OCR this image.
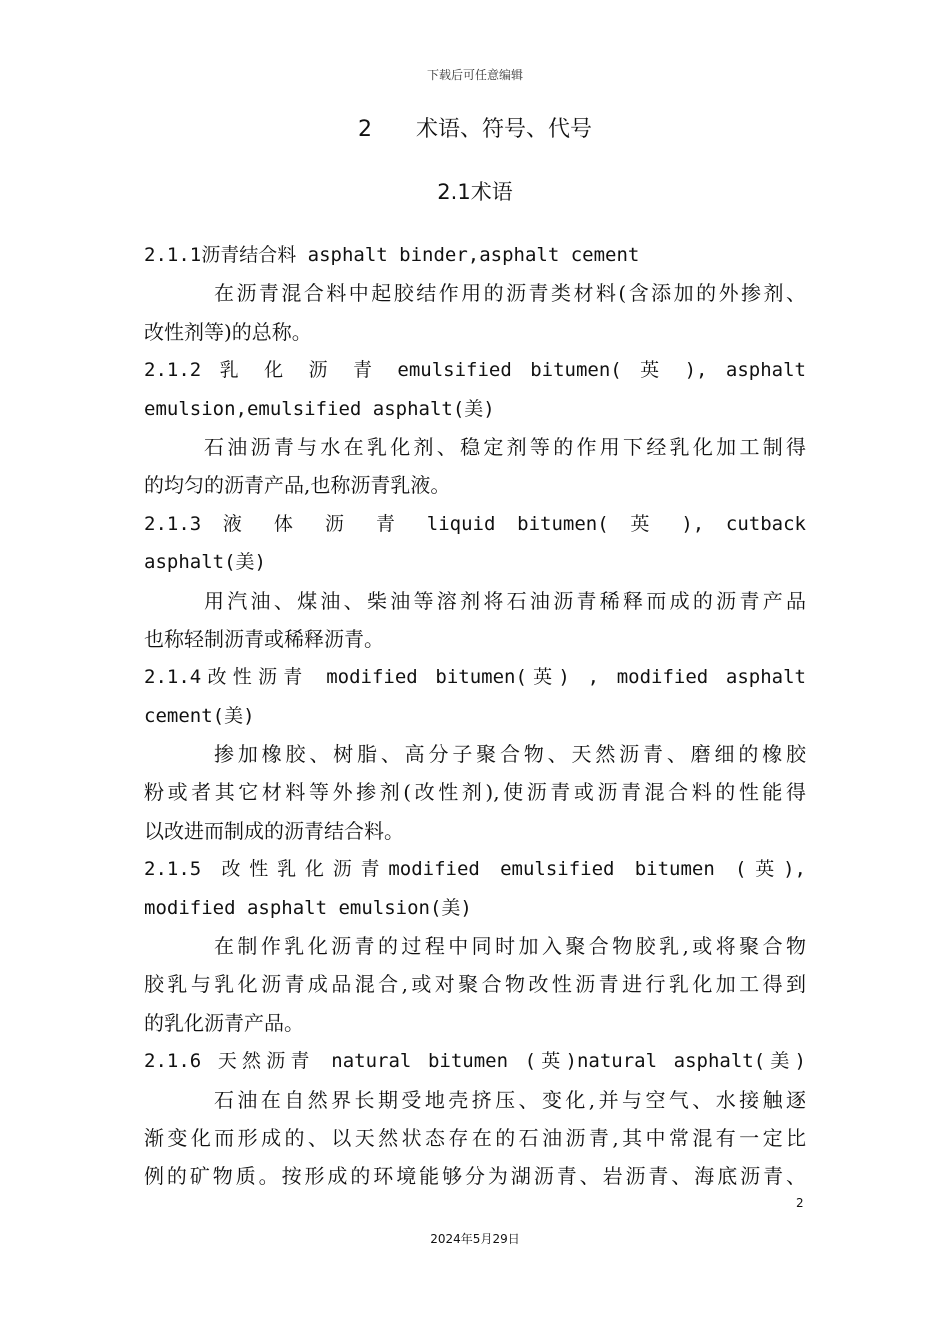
下载后可任意编辑
2 术语、符号、代号
2.1术语
2.1.1沥青结合料 asphalt binder,asphalt cement
在沥青混合料中起胶结作用的沥青类材料(含添加的外掺剂、
改性剂等)的总称。
2.1.2 乳 化 沥 青 emulsified bitumen( 英 ), asphalt
emulsion,emulsified asphalt(美)
石油沥青与水在乳化剂、稳定剂等的作用下经乳化加工制得
的均匀的沥青产品,也称沥青乳液。
2.1.3 液 体 沥 青 liquid bitumen( 英 ), cutback
asphalt(美)
用汽油、煤油、柴油等溶剂将石油沥青稀释而成的沥青产品
也称轻制沥青或稀释沥青。
2.1.4改性沥青 modified bitumen(英) , modified asphalt
cement(美)
掺加橡胶、树脂、高分子聚合物、天然沥青、磨细的橡胶
粉或者其它材料等外掺剂(改性剂),使沥青或沥青混合料的性能得
以改进而制成的沥青结合料。
2.1.5 改性乳化沥青modified emulsified bitumen (英),
modified asphalt emulsion(美)
在制作乳化沥青的过程中同时加入聚合物胶乳,或将聚合物
胶乳与乳化沥青成品混合,或对聚合物改性沥青进行乳化加工得到
的乳化沥青产品。
2.1.6 天然沥青 natural bitumen (英)natural asphalt(美)
石油在自然界长期受地壳挤压、变化,并与空气、水接触逐
渐变化而形成的、以天然状态存在的石油沥青,其中常混有一定比
例的矿物质。按形成的环境能够分为湖沥青、岩沥青、海底沥青、
2
2024年5月29日
